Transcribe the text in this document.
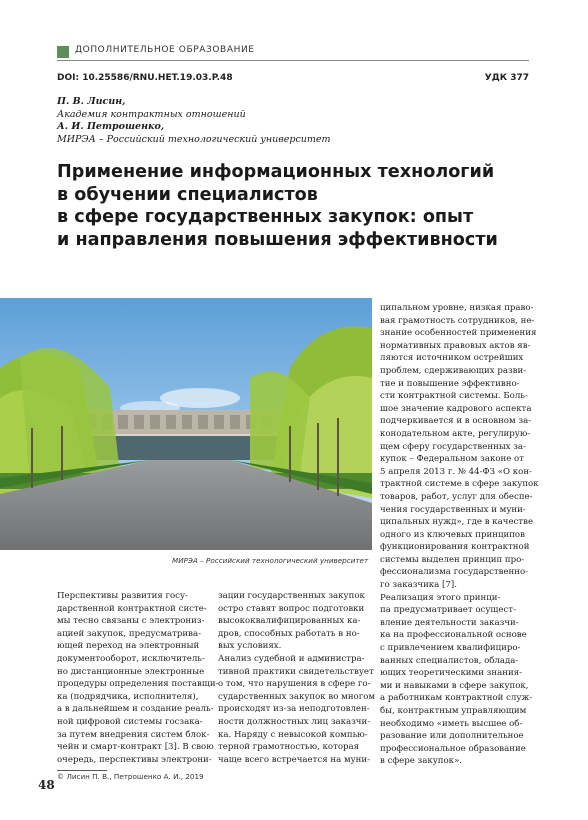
ДОПОЛНИТЕЛЬНОЕ ОБРАЗОВАНИЕ
DOI: 10.25586/RNU.HET.19.03.P.48	УДК 377
П. В. Лисин,
Академия контрактных отношений
А. И. Петрошенко,
МИРЭА – Российский технологический университет
Применение информационных технологий
в обучении специалистов
в сфере государственных закупок: опыт
и направления повышения эффективности
МИРЭА – Российский технологический университет
Перспективы развития госу-
дарственной контрактной систе-
мы тесно связаны с электрониз-
ацией закупок, предусматрива-
ющей переход на электронный
документооборот, исключитель-
но дистанционные электронные
процедуры определения поставщи-
ка (подрядчика, исполнителя),
а в дальнейшем и создание реаль-
ной цифровой системы госзака-
за путем внедрения систем блок-
чейн и смарт-контракт [3]. В свою
очередь, перспективы электрони-
зации государственных закупок
остро ставят вопрос подготовки
высококвалифицированных ка-
дров, способных работать в но-
вых условиях.
Анализ судебной и администра-
тивной практики свидетельствует
о том, что нарушения в сфере го-
сударственных закупок во многом
происходят из-за неподготовлен-
ности должностных лиц заказчи-
ка. Наряду с невысокой компью-
терной грамотностью, которая
чаще всего встречается на муни-
ципальном уровне, низкая право-
вая грамотность сотрудников, не-
знание особенностей применения
нормативных правовых актов яв-
ляются источником острейших
проблем, сдерживающих разви-
тие и повышение эффективно-
сти контрактной системы. Боль-
шое значение кадрового аспекта
подчеркивается и в основном за-
конодательном акте, регулирую-
щем сферу государственных за-
купок – Федеральном законе от
5 апреля 2013 г. № 44-ФЗ «О кон-
трактной системе в сфере закупок
товаров, работ, услуг для обеспе-
чения государственных и муни-
ципальных нужд», где в качестве
одного из ключевых принципов
функционирования контрактной
системы выделен принцип про-
фессионализма государственно-
го заказчика [7].
Реализация этого принци-
па предусматривает осущест-
вление деятельности заказчи-
ка на профессиональной основе
с привлечением квалифициро-
ванных специалистов, облада-
ющих теоретическими знания-
ми и навыками в сфере закупок,
а работникам контрактной служ-
бы, контрактным управляющим
необходимо «иметь высшее об-
разование или дополнительное
профессиональное образование
в сфере закупок».
© Лисин П. В., Петрошенко А. И., 2019
48
